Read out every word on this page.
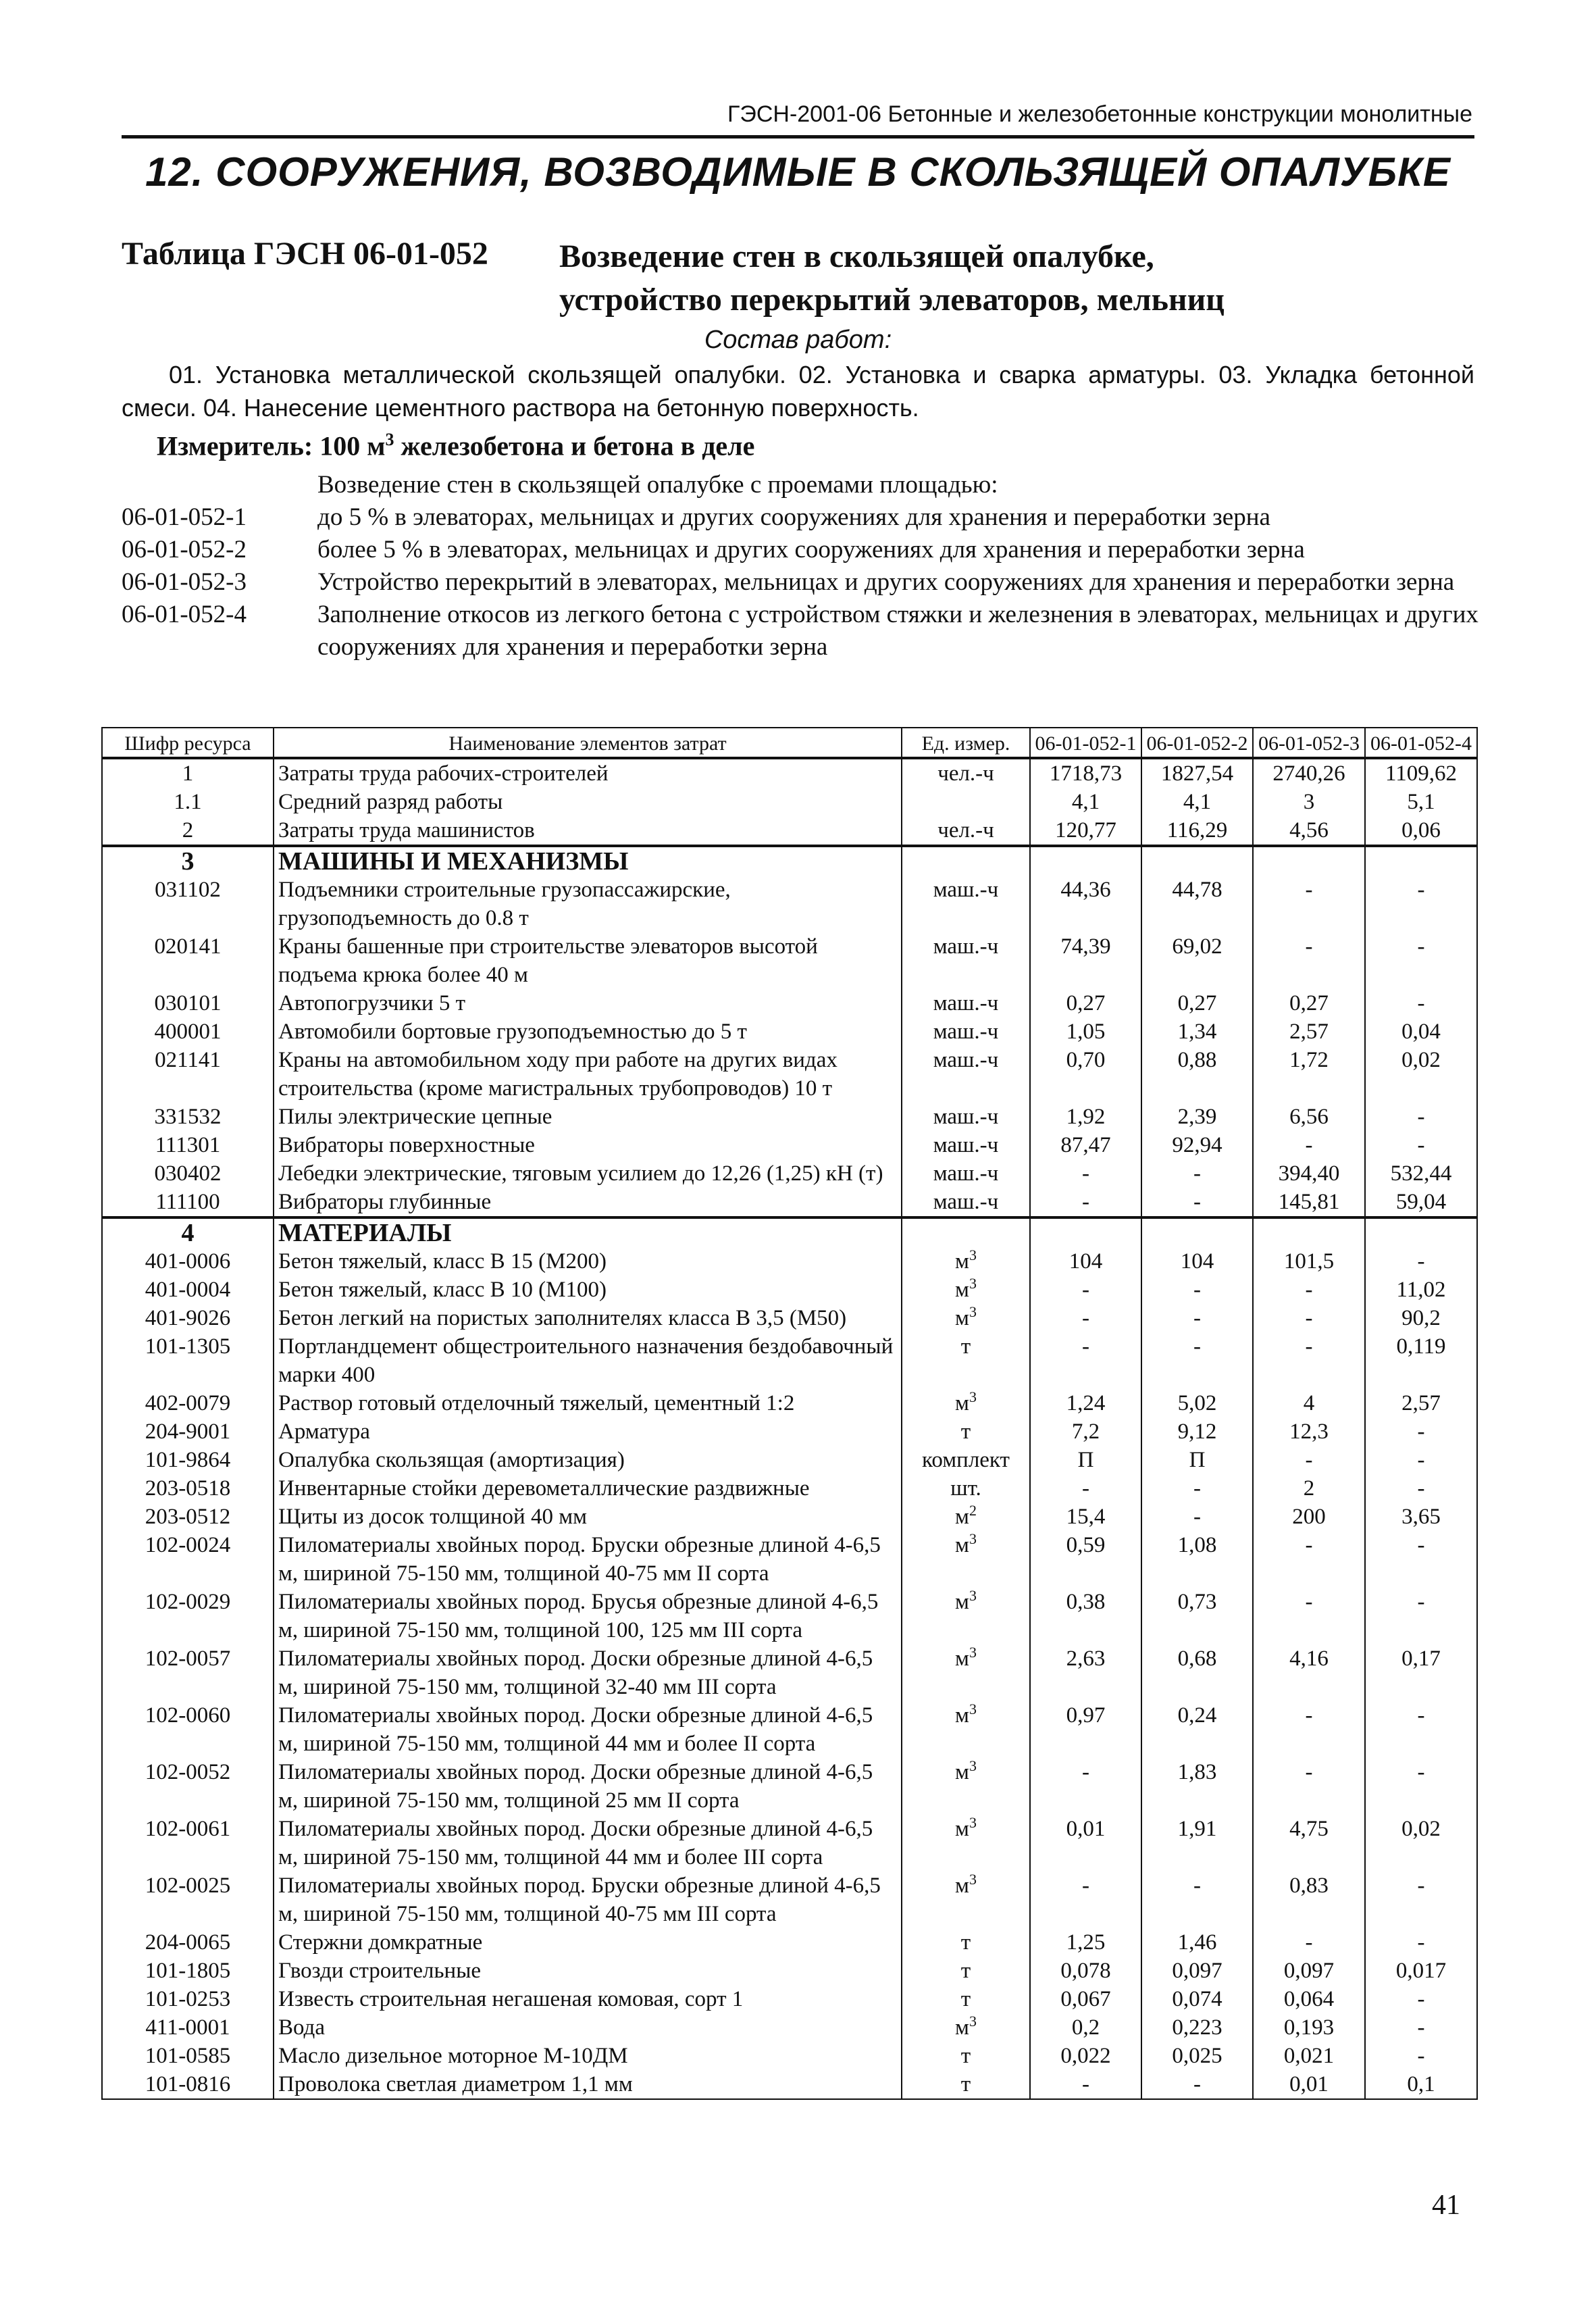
ГЭСН-2001-06 Бетонные и железобетонные конструкции монолитные
12. СООРУЖЕНИЯ, ВОЗВОДИМЫЕ В СКОЛЬЗЯЩЕЙ ОПАЛУБКЕ
Таблица ГЭСН 06-01-052 Возведение стен в скользящей опалубке,
устройство перекрытий элеваторов, мельниц
Состав работ:
01. Установка металлической скользящей опалубки. 02. Установка и сварка арматуры. 03. Укладка бетонной смеси. 04. Нанесение цементного раствора на бетонную поверхность.
Измеритель: 100 $м^3$ железобетона и бетона в деле
Возведение стен в скользящей опалубке с проемами площадью:
06-01-052-1	до 5 % в элеваторах, мельницах и других сооружениях для хранения и переработки зерна
06-01-052-2	более 5 % в элеваторах, мельницах и других сооружениях для хранения и переработки зерна
06-01-052-3	Устройство перекрытий в элеваторах, мельницах и других сооружениях для хранения и переработки зерна
06-01-052-4	Заполнение откосов из легкого бетона с устройством стяжки и железнения в элеваторах, мельницах и других сооружениях для хранения и переработки зерна
Шифр ресурса	Наименование элементов затрат	Ед. измер.	06-01-052-1	06-01-052-2	06-01-052-3	06-01-052-4
1	Затраты труда рабочих-строителей	чел.-ч	1718,73	1827,54	2740,26	1109,62
1.1	Средний разряд работы		4,1	4,1	3	5,1
2	Затраты труда машинистов	чел.-ч	120,77	116,29	4,56	0,06
3	МАШИНЫ И МЕХАНИЗМЫ					
031102	Подъемники строительные грузопассажирские, грузоподъемность до 0.8 т	маш.-ч	44,36	44,78	-	-
020141	Краны башенные при строительстве элеваторов высотой подъема крюка более 40 м	маш.-ч	74,39	69,02	-	-
030101	Автопогрузчики 5 т	маш.-ч	0,27	0,27	0,27	-
400001	Автомобили бортовые грузоподъемностью до 5 т	маш.-ч	1,05	1,34	2,57	0,04
021141	Краны на автомобильном ходу при работе на других видах строительства (кроме магистральных трубопроводов) 10 т	маш.-ч	0,70	0,88	1,72	0,02
331532	Пилы электрические цепные	маш.-ч	1,92	2,39	6,56	-
111301	Вибраторы поверхностные	маш.-ч	87,47	92,94	-	-
030402	Лебедки электрические, тяговым усилием до 12,26 (1,25) кН (т)	маш.-ч	-	-	394,40	532,44
111100	Вибраторы глубинные	маш.-ч	-	-	145,81	59,04
4	МАТЕРИАЛЫ					
401-0006	Бетон тяжелый, класс В 15 (М200)	$м^3$	104	104	101,5	-
401-0004	Бетон тяжелый, класс В 10 (М100)	$м^3$	-	-	-	11,02
401-9026	Бетон легкий на пористых заполнителях класса В 3,5 (М50)	$м^3$	-	-	-	90,2
101-1305	Портландцемент общестроительного назначения бездобавочный марки 400	т	-	-	-	0,119
402-0079	Раствор готовый отделочный тяжелый, цементный 1:2	$м^3$	1,24	5,02	4	2,57
204-9001	Арматура	т	7,2	9,12	12,3	-
101-9864	Опалубка скользящая (амортизация)	комплект	П	П	-	-
203-0518	Инвентарные стойки деревометаллические раздвижные	шт.	-	-	2	-
203-0512	Щиты из досок толщиной 40 мм	$м^2$	15,4	-	200	3,65
102-0024	Пиломатериалы хвойных пород. Бруски обрезные длиной 4-6,5 м, шириной 75-150 мм, толщиной 40-75 мм II сорта	$м^3$	0,59	1,08	-	-
102-0029	Пиломатериалы хвойных пород. Брусья обрезные длиной 4-6,5 м, шириной 75-150 мм, толщиной 100, 125 мм III сорта	$м^3$	0,38	0,73	-	-
102-0057	Пиломатериалы хвойных пород. Доски обрезные длиной 4-6,5 м, шириной 75-150 мм, толщиной 32-40 мм III сорта	$м^3$	2,63	0,68	4,16	0,17
102-0060	Пиломатериалы хвойных пород. Доски обрезные длиной 4-6,5 м, шириной 75-150 мм, толщиной 44 мм и более II сорта	$м^3$	0,97	0,24	-	-
102-0052	Пиломатериалы хвойных пород. Доски обрезные длиной 4-6,5 м, шириной 75-150 мм, толщиной 25 мм II сорта	$м^3$	-	1,83	-	-
102-0061	Пиломатериалы хвойных пород. Доски обрезные длиной 4-6,5 м, шириной 75-150 мм, толщиной 44 мм и более III сорта	$м^3$	0,01	1,91	4,75	0,02
102-0025	Пиломатериалы хвойных пород. Бруски обрезные длиной 4-6,5 м, шириной 75-150 мм, толщиной 40-75 мм III сорта	$м^3$	-	-	0,83	-
204-0065	Стержни домкратные	т	1,25	1,46	-	-
101-1805	Гвозди строительные	т	0,078	0,097	0,097	0,017
101-0253	Известь строительная негашеная комовая, сорт 1	т	0,067	0,074	0,064	-
411-0001	Вода	$м^3$	0,2	0,223	0,193	-
101-0585	Масло дизельное моторное М-10ДМ	т	0,022	0,025	0,021	-
101-0816	Проволока светлая диаметром 1,1 мм	т	-	-	0,01	0,1
41
